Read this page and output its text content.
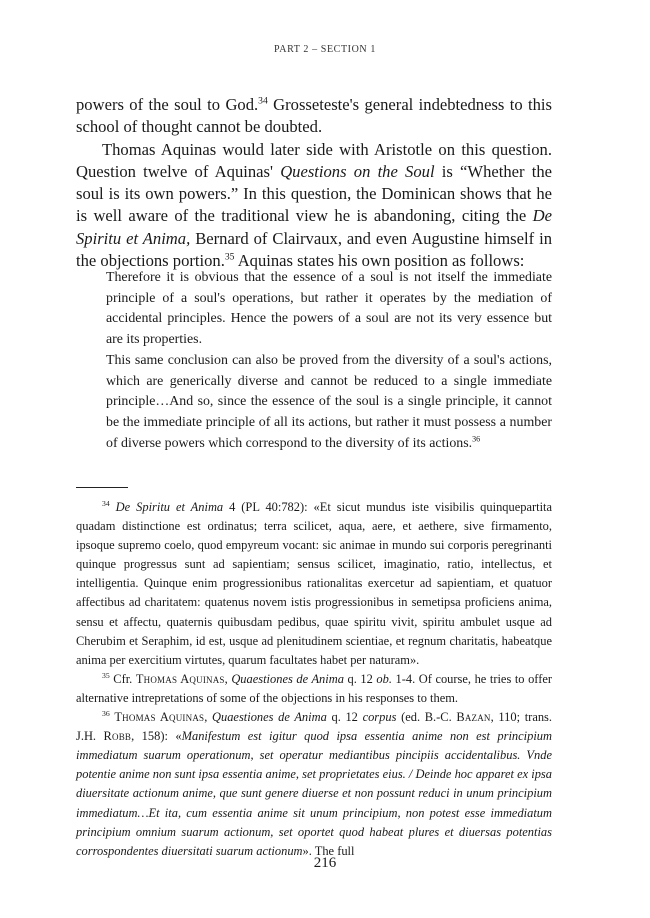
PART 2 – SECTION 1

powers of the soul to God.$^{34}$ Grosseteste's general indebtedness to this school of thought cannot be doubted.

Thomas Aquinas would later side with Aristotle on this question. Question twelve of Aquinas' Questions on the Soul is “Whether the soul is its own powers.” In this question, the Dominican shows that he is well aware of the traditional view he is abandoning, citing the De Spiritu et Anima, Bernard of Clairvaux, and even Augustine himself in the objections portion.$^{35}$ Aquinas states his own position as follows:

Therefore it is obvious that the essence of a soul is not itself the immediate principle of a soul's operations, but rather it operates by the mediation of accidental principles. Hence the powers of a soul are not its very essence but are its properties.

This same conclusion can also be proved from the diversity of a soul's actions, which are generically diverse and cannot be reduced to a single immediate principle…And so, since the essence of the soul is a single principle, it cannot be the immediate principle of all its actions, but rather it must possess a number of diverse powers which correspond to the diversity of its actions.$^{36}$

$^{34}$ De Spiritu et Anima 4 (PL 40:782): «Et sicut mundus iste visibilis quinquepartita quadam distinctione est ordinatus; terra scilicet, aqua, aere, et aethere, sive firmamento, ipsoque supremo coelo, quod empyreum vocant: sic animae in mundo sui corporis peregrinanti quinque progressus sunt ad sapientiam; sensus scilicet, imaginatio, ratio, intellectus, et intelligentia. Quinque enim progressionibus rationalitas exercetur ad sapientiam, et quatuor affectibus ad charitatem: quatenus novem istis progressionibus in semetipsa proficiens anima, sensu et affectu, quaternis quibusdam pedibus, quae spiritu vivit, spiritu ambulet usque ad Cherubim et Seraphim, id est, usque ad plenitudinem scientiae, et regnum charitatis, habeatque anima per exercitium virtutes, quarum facultates habet per naturam».

$^{35}$ Cfr. Thomas Aquinas, Quaestiones de Anima q. 12 ob. 1-4. Of course, he tries to offer alternative intrepretations of some of the objections in his responses to them.

$^{36}$ Thomas Aquinas, Quaestiones de Anima q. 12 corpus (ed. B.-C. Bazan, 110; trans. J.H. Robb, 158): «Manifestum est igitur quod ipsa essentia anime non est principium immediatum suarum operationum, set operatur mediantibus pincipiis accidentalibus. Vnde potentie anime non sunt ipsa essentia anime, set proprietates eius. / Deinde hoc apparet ex ipsa diuersitate actionum anime, que sunt genere diuerse et non possunt reduci in unum principium immediatum…Et ita, cum essentia anime sit unum principium, non potest esse immediatum principium omnium suarum actionum, set oportet quod habeat plures et diuersas potentias corrospondentes diuersitati suarum actionum». The full

216
